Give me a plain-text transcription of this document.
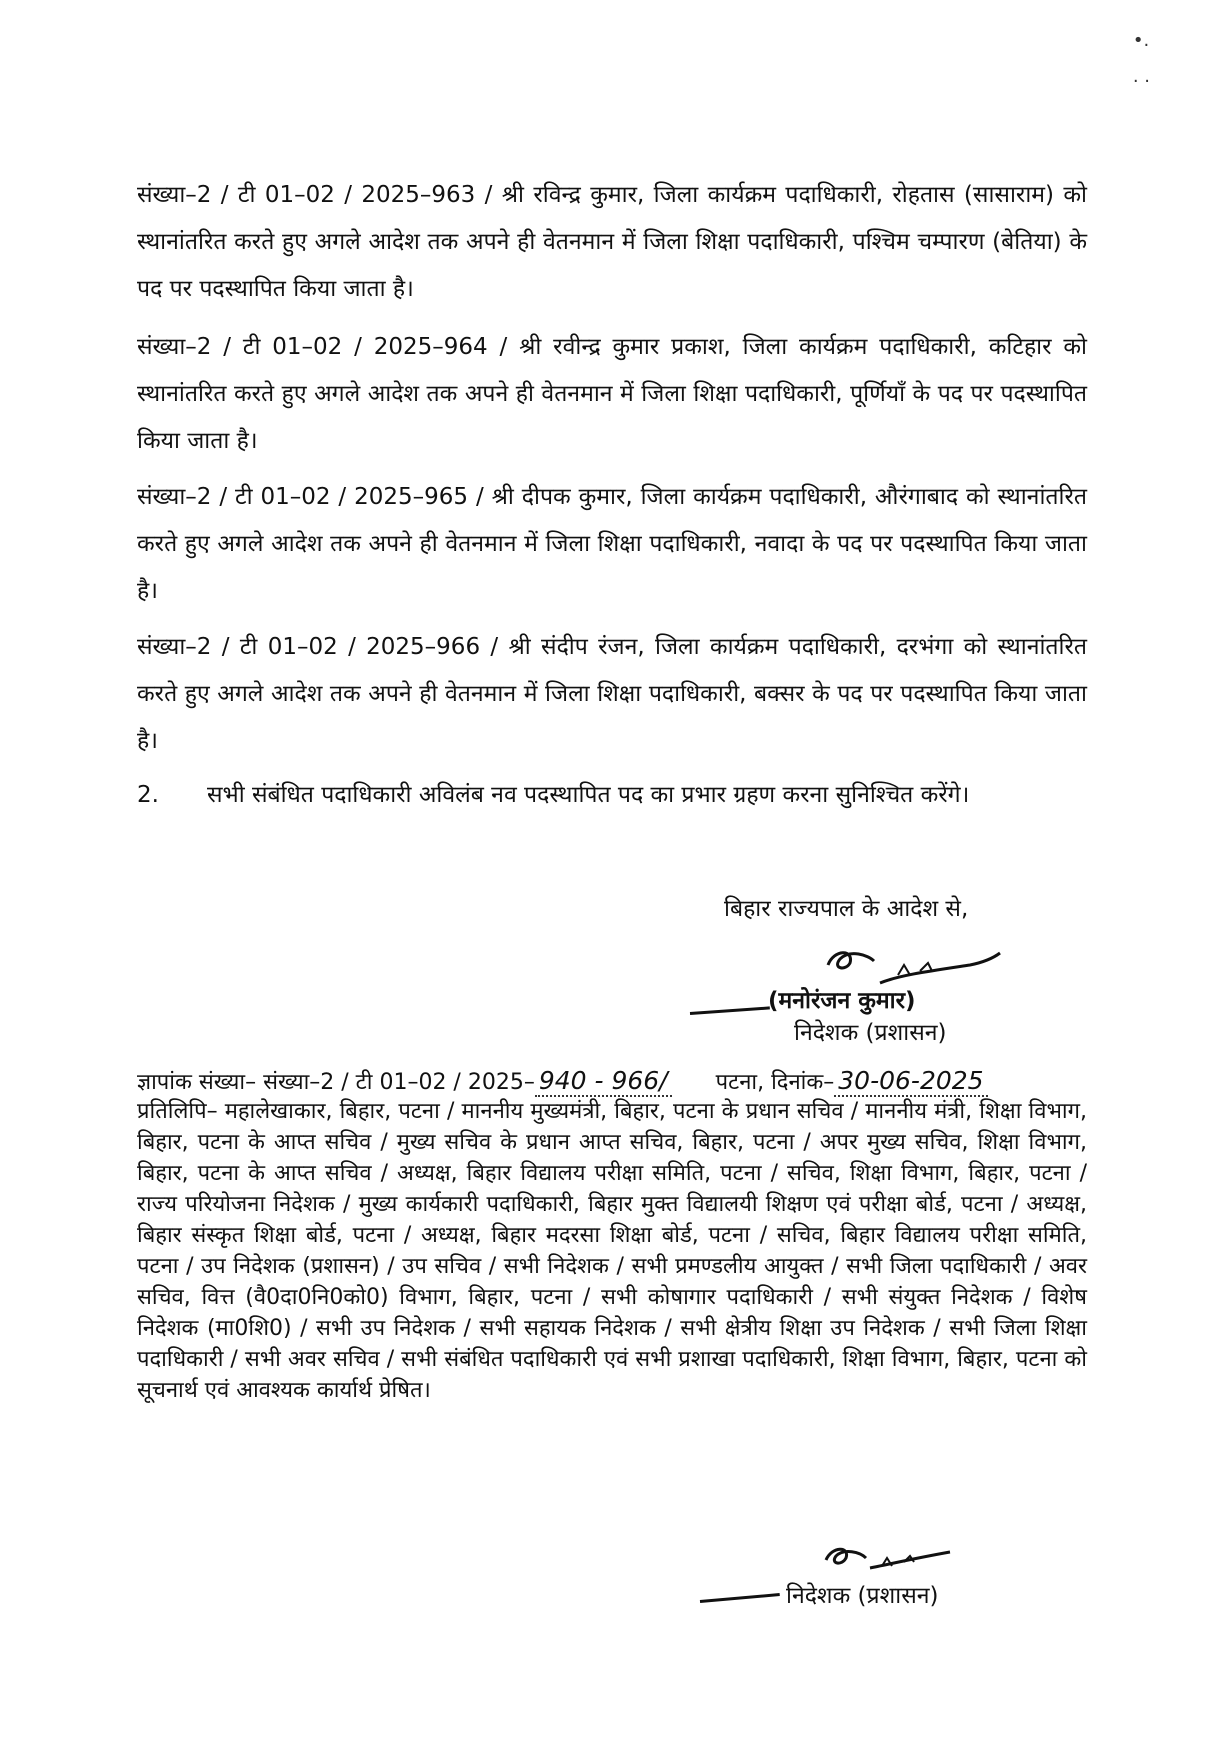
•.
· ·

संख्या–2 / टी 01–02 / 2025–963 / श्री रविन्द्र कुमार, जिला कार्यक्रम पदाधिकारी, रोहतास (सासाराम) को स्थानांतरित करते हुए अगले आदेश तक अपने ही वेतनमान में जिला शिक्षा पदाधिकारी, पश्चिम चम्पारण (बेतिया) के पद पर पदस्थापित किया जाता है।

संख्या–2 / टी 01–02 / 2025–964 / श्री रवीन्द्र कुमार प्रकाश, जिला कार्यक्रम पदाधिकारी, कटिहार को स्थानांतरित करते हुए अगले आदेश तक अपने ही वेतनमान में जिला शिक्षा पदाधिकारी, पूर्णियॉं के पद पर पदस्थापित किया जाता है।

संख्या–2 / टी 01–02 / 2025–965 / श्री दीपक कुमार, जिला कार्यक्रम पदाधिकारी, औरंगाबाद को स्थानांतरित करते हुए अगले आदेश तक अपने ही वेतनमान में जिला शिक्षा पदाधिकारी, नवादा के पद पर पदस्थापित किया जाता है।

संख्या–2 / टी 01–02 / 2025–966 / श्री संदीप रंजन, जिला कार्यक्रम पदाधिकारी, दरभंगा को स्थानांतरित करते हुए अगले आदेश तक अपने ही वेतनमान में जिला शिक्षा पदाधिकारी, बक्सर के पद पर पदस्थापित किया जाता है।

2. सभी संबंधित पदाधिकारी अविलंब नव पदस्थापित पद का प्रभार ग्रहण करना सुनिश्चित करेंगे।

बिहार राज्यपाल के आदेश से,
(मनोरंजन कुमार)
निदेशक (प्रशासन)
ज्ञापांक संख्या– संख्या–2 / टी 01–02 / 2025– 940 - 966/ पटना, दिनांक– 30-06-2025

प्रतिलिपि– महालेखाकार, बिहार, पटना / माननीय मुख्यमंत्री, बिहार, पटना के प्रधान सचिव / माननीय मंत्री, शिक्षा विभाग, बिहार, पटना के आप्त सचिव / मुख्य सचिव के प्रधान आप्त सचिव, बिहार, पटना / अपर मुख्य सचिव, शिक्षा विभाग, बिहार, पटना के आप्त सचिव / अध्यक्ष, बिहार विद्यालय परीक्षा समिति, पटना / सचिव, शिक्षा विभाग, बिहार, पटना / राज्य परियोजना निदेशक / मुख्य कार्यकारी पदाधिकारी, बिहार मुक्त विद्यालयी शिक्षण एवं परीक्षा बोर्ड, पटना / अध्यक्ष, बिहार संस्कृत शिक्षा बोर्ड, पटना / अध्यक्ष, बिहार मदरसा शिक्षा बोर्ड, पटना / सचिव, बिहार विद्यालय परीक्षा समिति, पटना / उप निदेशक (प्रशासन) / उप सचिव / सभी निदेशक / सभी प्रमण्डलीय आयुक्त / सभी जिला पदाधिकारी / अवर सचिव, वित्त (वै0दा0नि0को0) विभाग, बिहार, पटना / सभी कोषागार पदाधिकारी / सभी संयुक्त निदेशक / विशेष निदेशक (मा0शि0) / सभी उप निदेशक / सभी सहायक निदेशक / सभी क्षेत्रीय शिक्षा उप निदेशक / सभी जिला शिक्षा पदाधिकारी / सभी अवर सचिव / सभी संबंधित पदाधिकारी एवं सभी प्रशाखा पदाधिकारी, शिक्षा विभाग, बिहार, पटना को सूचनार्थ एवं आवश्यक कार्यार्थ प्रेषित।

निदेशक (प्रशासन)
